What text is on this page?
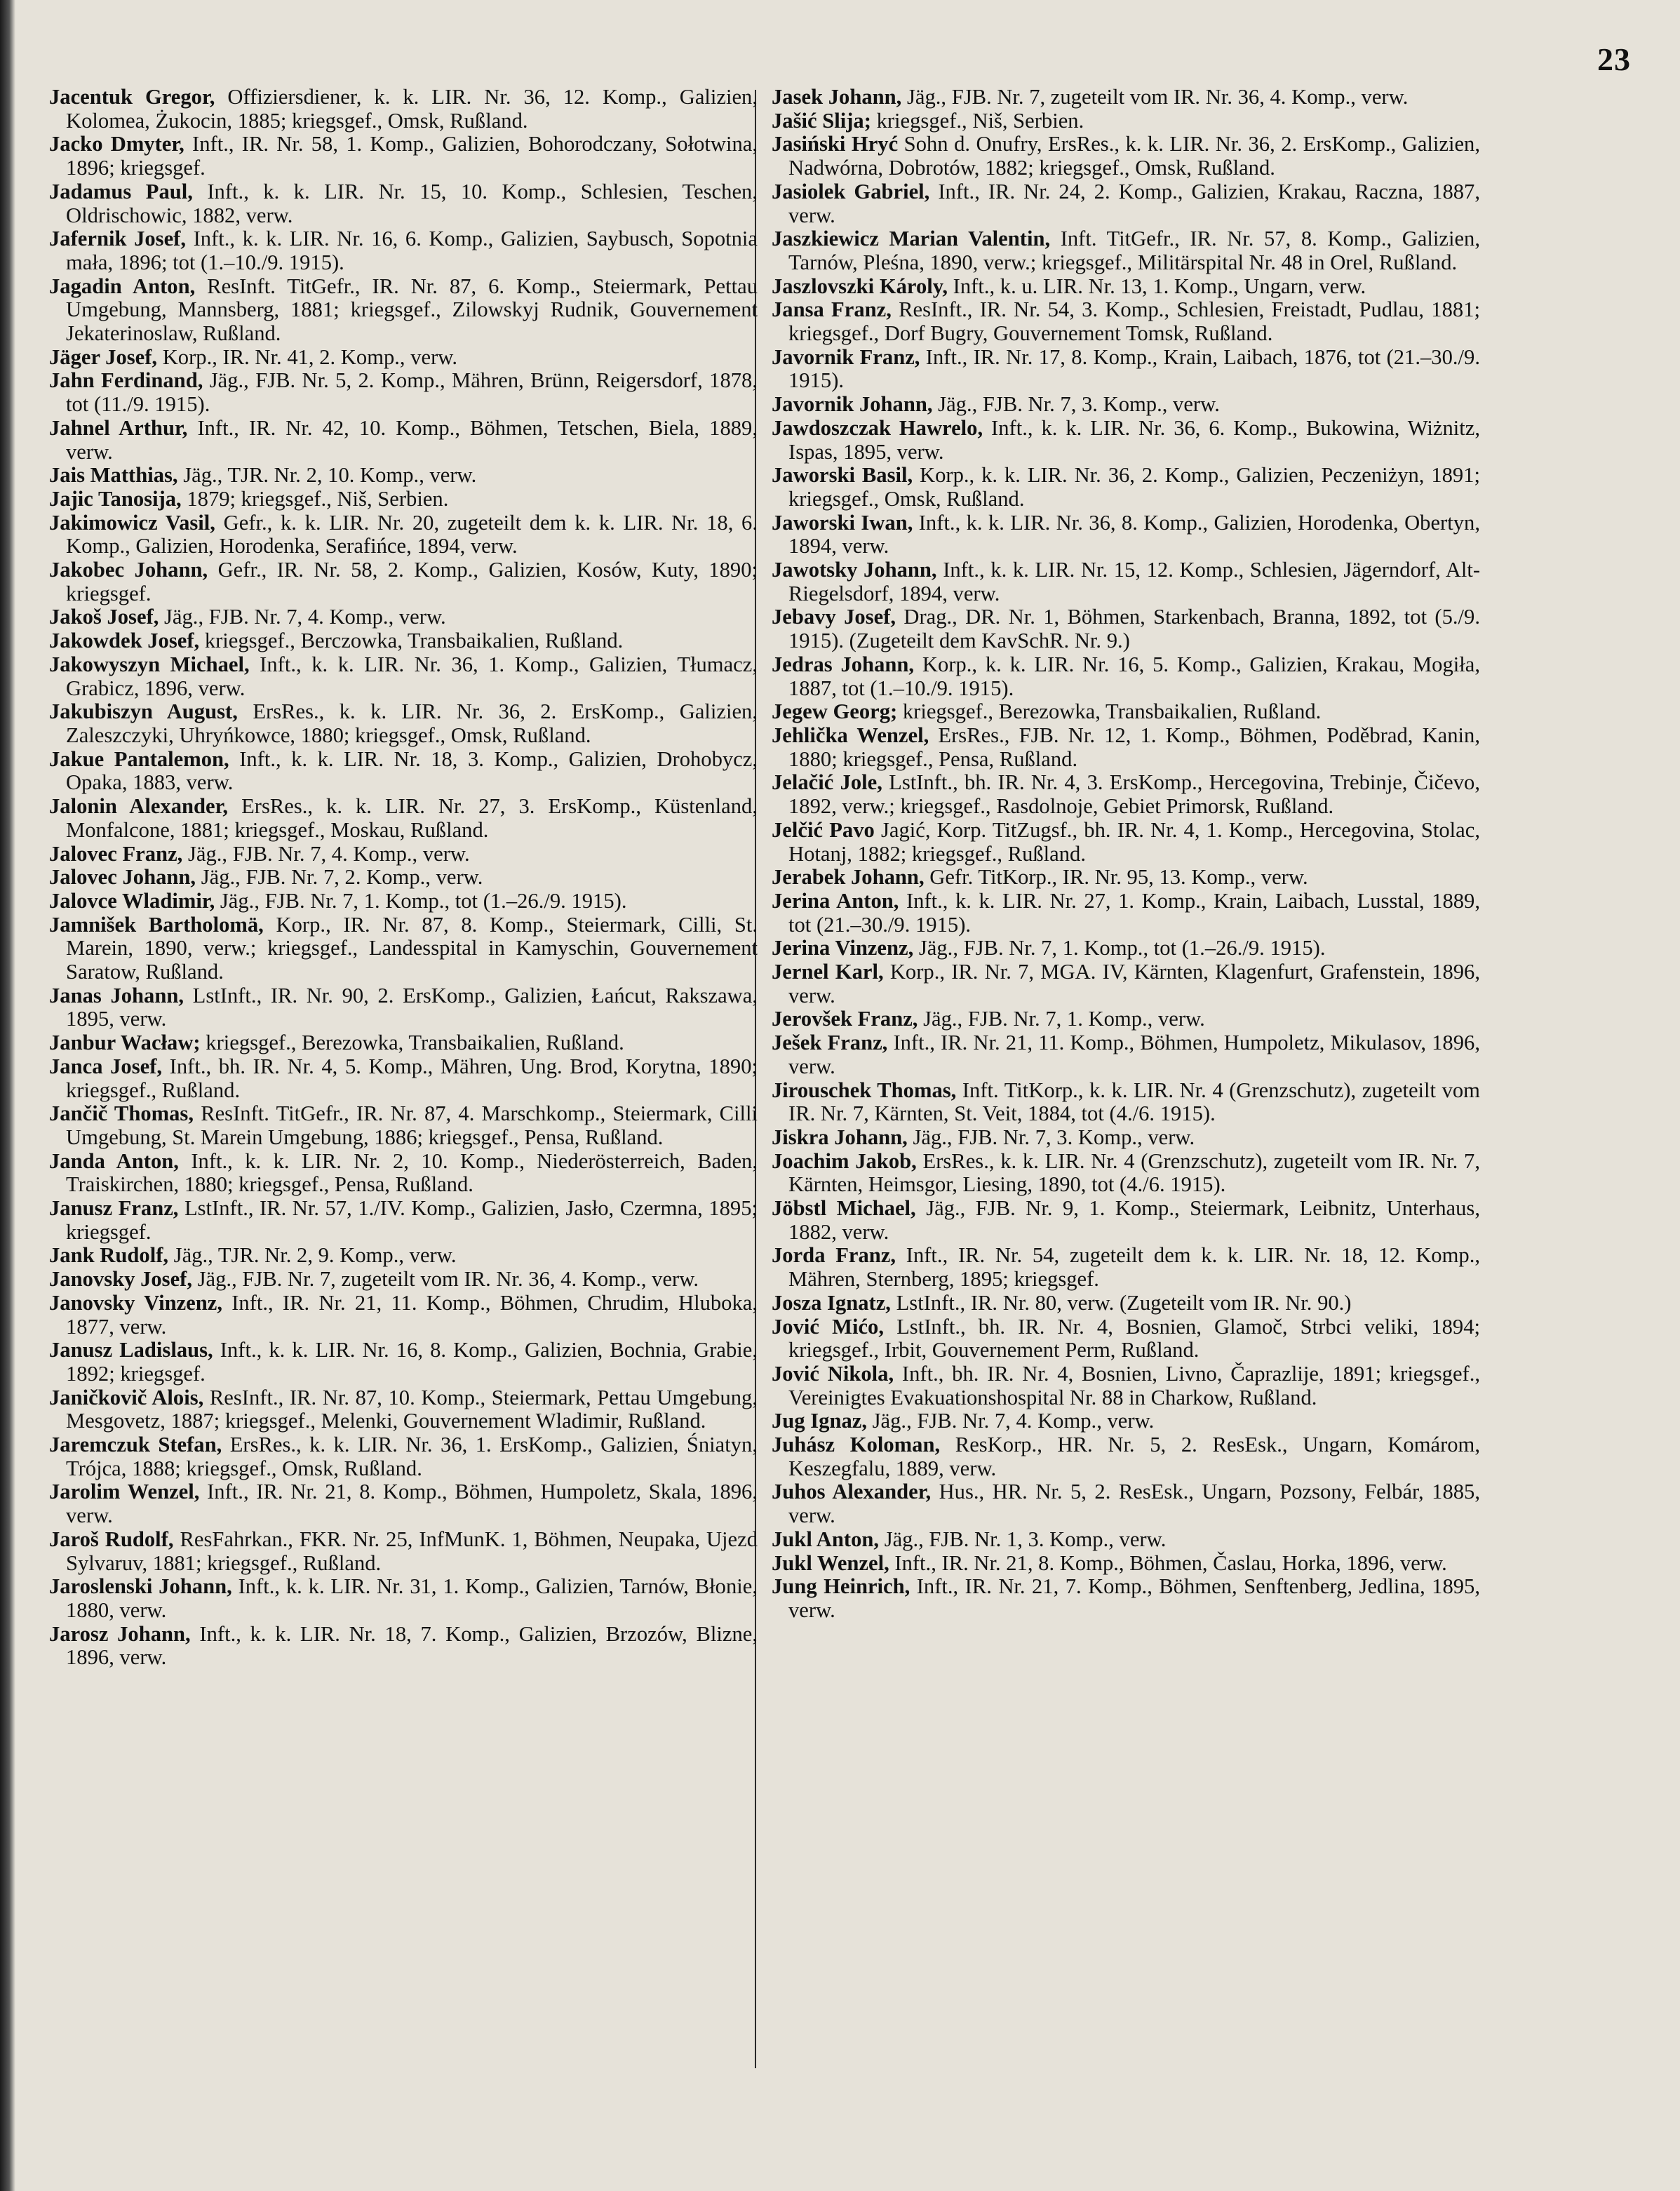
23
Jacentuk Gregor, Offiziersdiener, k. k. LIR. Nr. 36, 12. Komp., Galizien, Kolomea, Żukocin, 1885; kriegsgef., Omsk, Rußland.
Jacko Dmyter, Inft., IR. Nr. 58, 1. Komp., Galizien, Bohorodczany, Sołotwina, 1896; kriegsgef.
Jadamus Paul, Inft., k. k. LIR. Nr. 15, 10. Komp., Schlesien, Teschen, Oldrischowic, 1882, verw.
Jafernik Josef, Inft., k. k. LIR. Nr. 16, 6. Komp., Galizien, Saybusch, Sopotnia mała, 1896; tot (1.–10./9. 1915).
Jagadin Anton, ResInft. TitGefr., IR. Nr. 87, 6. Komp., Steiermark, Pettau Umgebung, Mannsberg, 1881; kriegsgef., Zilowskyj Rudnik, Gouvernement Jekaterinoslaw, Rußland.
Jäger Josef, Korp., IR. Nr. 41, 2. Komp., verw.
Jahn Ferdinand, Jäg., FJB. Nr. 5, 2. Komp., Mähren, Brünn, Reigersdorf, 1878, tot (11./9. 1915).
Jahnel Arthur, Inft., IR. Nr. 42, 10. Komp., Böhmen, Tetschen, Biela, 1889, verw.
Jais Matthias, Jäg., TJR. Nr. 2, 10. Komp., verw.
Jajic Tanosija, 1879; kriegsgef., Niš, Serbien.
Jakimowicz Vasil, Gefr., k. k. LIR. Nr. 20, zugeteilt dem k. k. LIR. Nr. 18, 6. Komp., Galizien, Horodenka, Serafińce, 1894, verw.
Jakobec Johann, Gefr., IR. Nr. 58, 2. Komp., Galizien, Kosów, Kuty, 1890; kriegsgef.
Jakoš Josef, Jäg., FJB. Nr. 7, 4. Komp., verw.
Jakowdek Josef, kriegsgef., Berczowka, Transbaikalien, Rußland.
Jakowyszyn Michael, Inft., k. k. LIR. Nr. 36, 1. Komp., Galizien, Tłumacz, Grabicz, 1896, verw.
Jakubiszyn August, ErsRes., k. k. LIR. Nr. 36, 2. ErsKomp., Galizien, Zaleszczyki, Uhryńkowce, 1880; kriegsgef., Omsk, Rußland.
Jakue Pantalemon, Inft., k. k. LIR. Nr. 18, 3. Komp., Galizien, Drohobycz, Opaka, 1883, verw.
Jalonin Alexander, ErsRes., k. k. LIR. Nr. 27, 3. ErsKomp., Küstenland, Monfalcone, 1881; kriegsgef., Moskau, Rußland.
Jalovec Franz, Jäg., FJB. Nr. 7, 4. Komp., verw.
Jalovec Johann, Jäg., FJB. Nr. 7, 2. Komp., verw.
Jalovce Wladimir, Jäg., FJB. Nr. 7, 1. Komp., tot (1.–26./9. 1915).
Jamnišek Bartholomä, Korp., IR. Nr. 87, 8. Komp., Steiermark, Cilli, St. Marein, 1890, verw.; kriegsgef., Landesspital in Kamyschin, Gouvernement Saratow, Rußland.
Janas Johann, LstInft., IR. Nr. 90, 2. ErsKomp., Galizien, Łańcut, Rakszawa, 1895, verw.
Janbur Wacław; kriegsgef., Berezowka, Transbaikalien, Rußland.
Janca Josef, Inft., bh. IR. Nr. 4, 5. Komp., Mähren, Ung. Brod, Korytna, 1890; kriegsgef., Rußland.
Jančič Thomas, ResInft. TitGefr., IR. Nr. 87, 4. Marschkomp., Steiermark, Cilli Umgebung, St. Marein Umgebung, 1886; kriegsgef., Pensa, Rußland.
Janda Anton, Inft., k. k. LIR. Nr. 2, 10. Komp., Niederösterreich, Baden, Traiskirchen, 1880; kriegsgef., Pensa, Rußland.
Janusz Franz, LstInft., IR. Nr. 57, 1./IV. Komp., Galizien, Jasło, Czermna, 1895; kriegsgef.
Jank Rudolf, Jäg., TJR. Nr. 2, 9. Komp., verw.
Janovsky Josef, Jäg., FJB. Nr. 7, zugeteilt vom IR. Nr. 36, 4. Komp., verw.
Janovsky Vinzenz, Inft., IR. Nr. 21, 11. Komp., Böhmen, Chrudim, Hluboka, 1877, verw.
Janusz Ladislaus, Inft., k. k. LIR. Nr. 16, 8. Komp., Galizien, Bochnia, Grabie, 1892; kriegsgef.
Janičkovič Alois, ResInft., IR. Nr. 87, 10. Komp., Steiermark, Pettau Umgebung, Mesgovetz, 1887; kriegsgef., Melenki, Gouvernement Wladimir, Rußland.
Jaremczuk Stefan, ErsRes., k. k. LIR. Nr. 36, 1. ErsKomp., Galizien, Śniatyn, Trójca, 1888; kriegsgef., Omsk, Rußland.
Jarolim Wenzel, Inft., IR. Nr. 21, 8. Komp., Böhmen, Humpoletz, Skala, 1896, verw.
Jaroš Rudolf, ResFahrkan., FKR. Nr. 25, InfMunK. 1, Böhmen, Neupaka, Ujezd Sylvaruv, 1881; kriegsgef., Rußland.
Jaroslenski Johann, Inft., k. k. LIR. Nr. 31, 1. Komp., Galizien, Tarnów, Błonie, 1880, verw.
Jarosz Johann, Inft., k. k. LIR. Nr. 18, 7. Komp., Galizien, Brzozów, Blizne, 1896, verw.
Jasek Johann, Jäg., FJB. Nr. 7, zugeteilt vom IR. Nr. 36, 4. Komp., verw.
Jašić Slija; kriegsgef., Niš, Serbien.
Jasiński Hryć Sohn d. Onufry, ErsRes., k. k. LIR. Nr. 36, 2. ErsKomp., Galizien, Nadwórna, Dobrotów, 1882; kriegsgef., Omsk, Rußland.
Jasiolek Gabriel, Inft., IR. Nr. 24, 2. Komp., Galizien, Krakau, Raczna, 1887, verw.
Jaszkiewicz Marian Valentin, Inft. TitGefr., IR. Nr. 57, 8. Komp., Galizien, Tarnów, Pleśna, 1890, verw.; kriegsgef., Militärspital Nr. 48 in Orel, Rußland.
Jaszlovszki Károly, Inft., k. u. LIR. Nr. 13, 1. Komp., Ungarn, verw.
Jansa Franz, ResInft., IR. Nr. 54, 3. Komp., Schlesien, Freistadt, Pudlau, 1881; kriegsgef., Dorf Bugry, Gouvernement Tomsk, Rußland.
Javornik Franz, Inft., IR. Nr. 17, 8. Komp., Krain, Laibach, 1876, tot (21.–30./9. 1915).
Javornik Johann, Jäg., FJB. Nr. 7, 3. Komp., verw.
Jawdoszczak Hawrelo, Inft., k. k. LIR. Nr. 36, 6. Komp., Bukowina, Wiżnitz, Ispas, 1895, verw.
Jaworski Basil, Korp., k. k. LIR. Nr. 36, 2. Komp., Galizien, Peczeniżyn, 1891; kriegsgef., Omsk, Rußland.
Jaworski Iwan, Inft., k. k. LIR. Nr. 36, 8. Komp., Galizien, Horodenka, Obertyn, 1894, verw.
Jawotsky Johann, Inft., k. k. LIR. Nr. 15, 12. Komp., Schlesien, Jägerndorf, Alt-Riegelsdorf, 1894, verw.
Jebavy Josef, Drag., DR. Nr. 1, Böhmen, Starkenbach, Branna, 1892, tot (5./9. 1915). (Zugeteilt dem KavSchR. Nr. 9.)
Jedras Johann, Korp., k. k. LIR. Nr. 16, 5. Komp., Galizien, Krakau, Mogiła, 1887, tot (1.–10./9. 1915).
Jegew Georg; kriegsgef., Berezowka, Transbaikalien, Rußland.
Jehlička Wenzel, ErsRes., FJB. Nr. 12, 1. Komp., Böhmen, Poděbrad, Kanin, 1880; kriegsgef., Pensa, Rußland.
Jelačić Jole, LstInft., bh. IR. Nr. 4, 3. ErsKomp., Hercegovina, Trebinje, Čičevo, 1892, verw.; kriegsgef., Rasdolnoje, Gebiet Primorsk, Rußland.
Jelčić Pavo Jagić, Korp. TitZugsf., bh. IR. Nr. 4, 1. Komp., Hercegovina, Stolac, Hotanj, 1882; kriegsgef., Rußland.
Jerabek Johann, Gefr. TitKorp., IR. Nr. 95, 13. Komp., verw.
Jerina Anton, Inft., k. k. LIR. Nr. 27, 1. Komp., Krain, Laibach, Lusstal, 1889, tot (21.–30./9. 1915).
Jerina Vinzenz, Jäg., FJB. Nr. 7, 1. Komp., tot (1.–26./9. 1915).
Jernel Karl, Korp., IR. Nr. 7, MGA. IV, Kärnten, Klagenfurt, Grafenstein, 1896, verw.
Jerovšek Franz, Jäg., FJB. Nr. 7, 1. Komp., verw.
Ješek Franz, Inft., IR. Nr. 21, 11. Komp., Böhmen, Humpoletz, Mikulasov, 1896, verw.
Jirouschek Thomas, Inft. TitKorp., k. k. LIR. Nr. 4 (Grenzschutz), zugeteilt vom IR. Nr. 7, Kärnten, St. Veit, 1884, tot (4./6. 1915).
Jiskra Johann, Jäg., FJB. Nr. 7, 3. Komp., verw.
Joachim Jakob, ErsRes., k. k. LIR. Nr. 4 (Grenzschutz), zugeteilt vom IR. Nr. 7, Kärnten, Heimsgor, Liesing, 1890, tot (4./6. 1915).
Jöbstl Michael, Jäg., FJB. Nr. 9, 1. Komp., Steiermark, Leibnitz, Unterhaus, 1882, verw.
Jorda Franz, Inft., IR. Nr. 54, zugeteilt dem k. k. LIR. Nr. 18, 12. Komp., Mähren, Sternberg, 1895; kriegsgef.
Josza Ignatz, LstInft., IR. Nr. 80, verw. (Zugeteilt vom IR. Nr. 90.)
Jović Mićo, LstInft., bh. IR. Nr. 4, Bosnien, Glamoč, Strbci veliki, 1894; kriegsgef., Irbit, Gouvernement Perm, Rußland.
Jović Nikola, Inft., bh. IR. Nr. 4, Bosnien, Livno, Čaprazlije, 1891; kriegsgef., Vereinigtes Evakuationshospital Nr. 88 in Charkow, Rußland.
Jug Ignaz, Jäg., FJB. Nr. 7, 4. Komp., verw.
Juhász Koloman, ResKorp., HR. Nr. 5, 2. ResEsk., Ungarn, Komárom, Keszegfalu, 1889, verw.
Juhos Alexander, Hus., HR. Nr. 5, 2. ResEsk., Ungarn, Pozsony, Felbár, 1885, verw.
Jukl Anton, Jäg., FJB. Nr. 1, 3. Komp., verw.
Jukl Wenzel, Inft., IR. Nr. 21, 8. Komp., Böhmen, Časlau, Horka, 1896, verw.
Jung Heinrich, Inft., IR. Nr. 21, 7. Komp., Böhmen, Senftenberg, Jedlina, 1895, verw.
